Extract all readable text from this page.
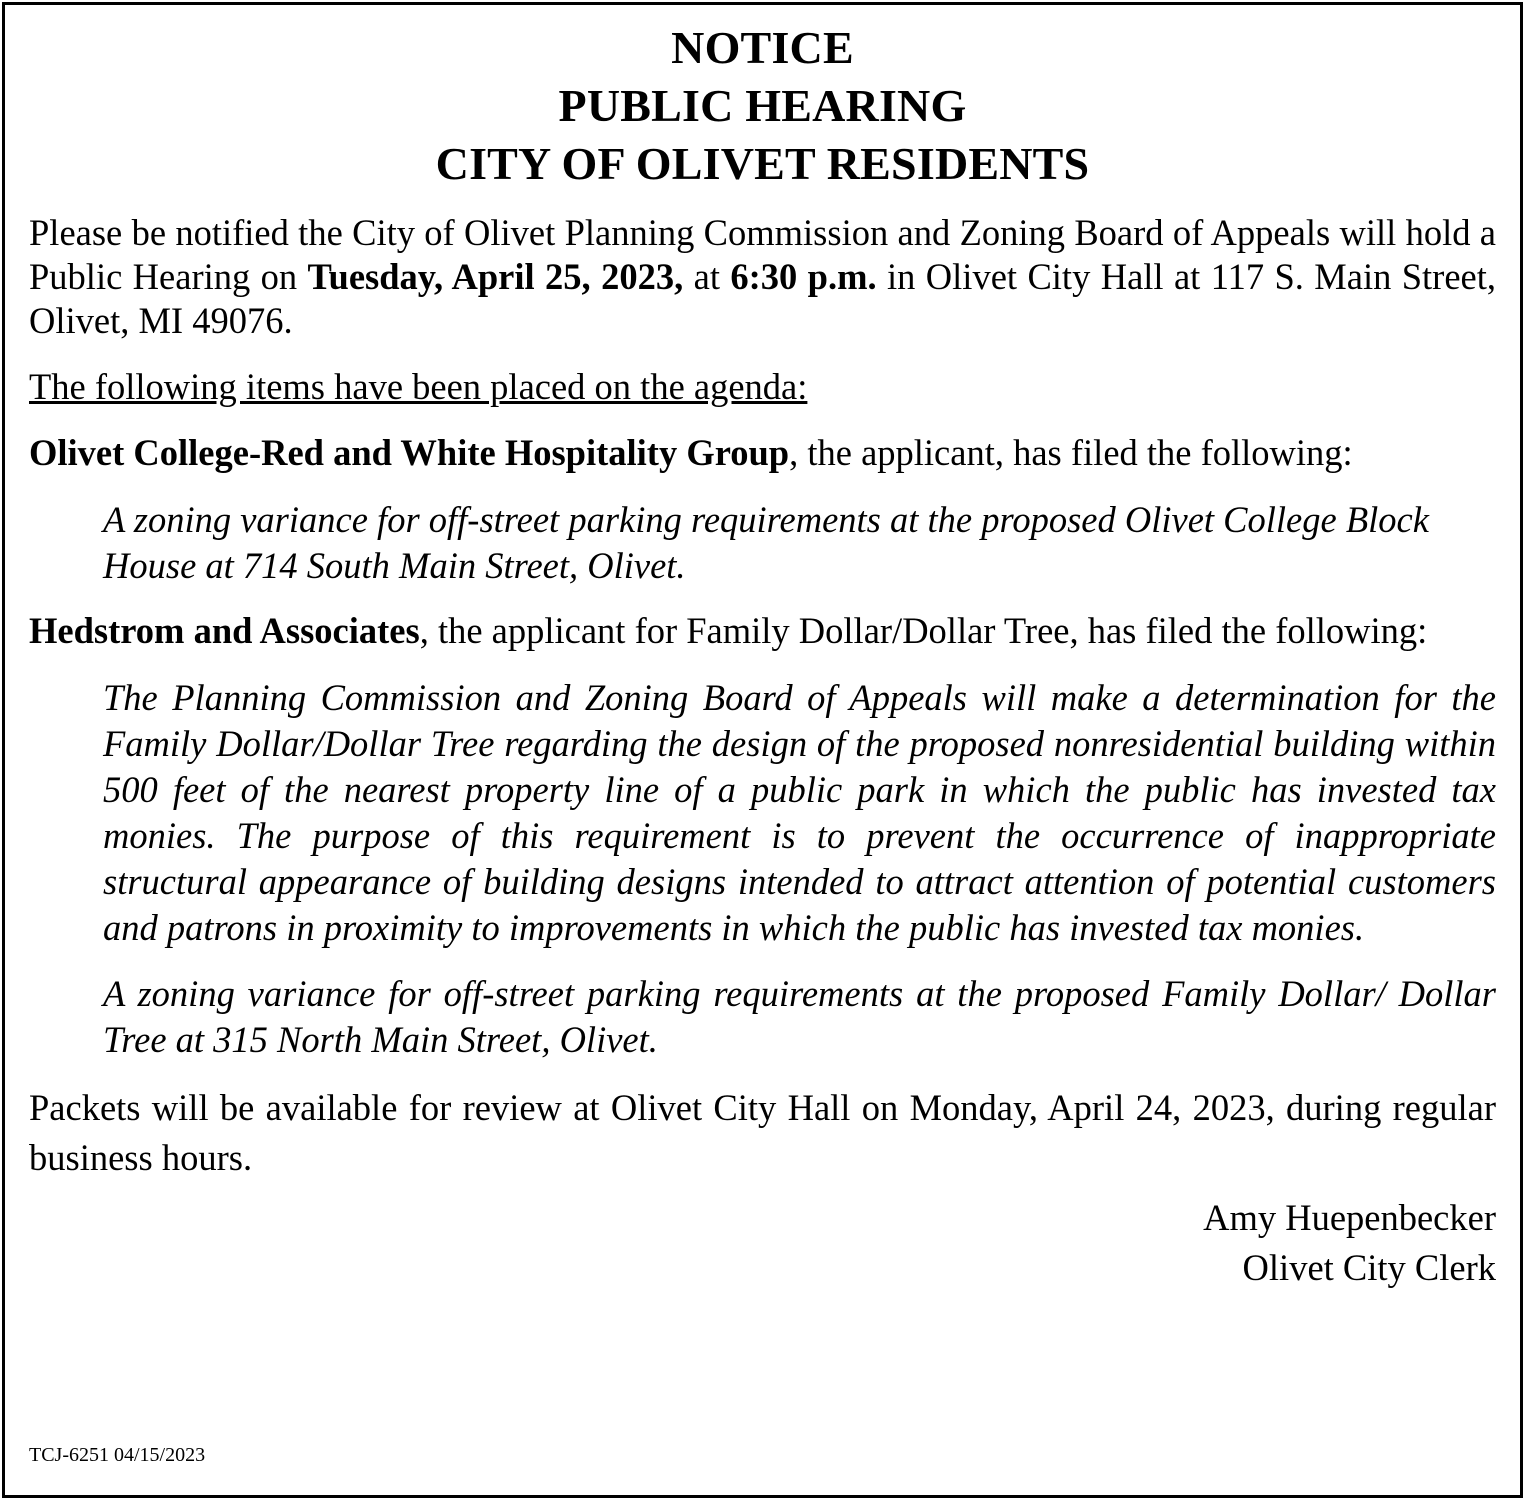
NOTICE
PUBLIC HEARING
CITY OF OLIVET RESIDENTS

Please be notified the City of Olivet Planning Commission and Zoning Board of Appeals will hold a Public Hearing on Tuesday, April 25, 2023, at 6:30 p.m. in Olivet City Hall at 117 S. Main Street, Olivet, MI 49076.

The following items have been placed on the agenda:

Olivet College-Red and White Hospitality Group, the applicant, has filed the following:

A zoning variance for off-street parking requirements at the proposed Olivet College Block House at 714 South Main Street, Olivet.

Hedstrom and Associates, the applicant for Family Dollar/Dollar Tree, has filed the following:

The Planning Commission and Zoning Board of Appeals will make a determination for the Family Dollar/Dollar Tree regarding the design of the proposed nonresidential building within 500 feet of the nearest property line of a public park in which the public has invested tax monies. The purpose of this requirement is to prevent the occurrence of inappropriate structural appearance of building designs intended to attract attention of potential customers and patrons in proximity to improvements in which the public has invested tax monies.

A zoning variance for off-street parking requirements at the proposed Family Dollar/ Dollar Tree at 315 North Main Street, Olivet.

Packets will be available for review at Olivet City Hall on Monday, April 24, 2023, during regular business hours.

Amy Huepenbecker
Olivet City Clerk
TCJ-6251 04/15/2023
